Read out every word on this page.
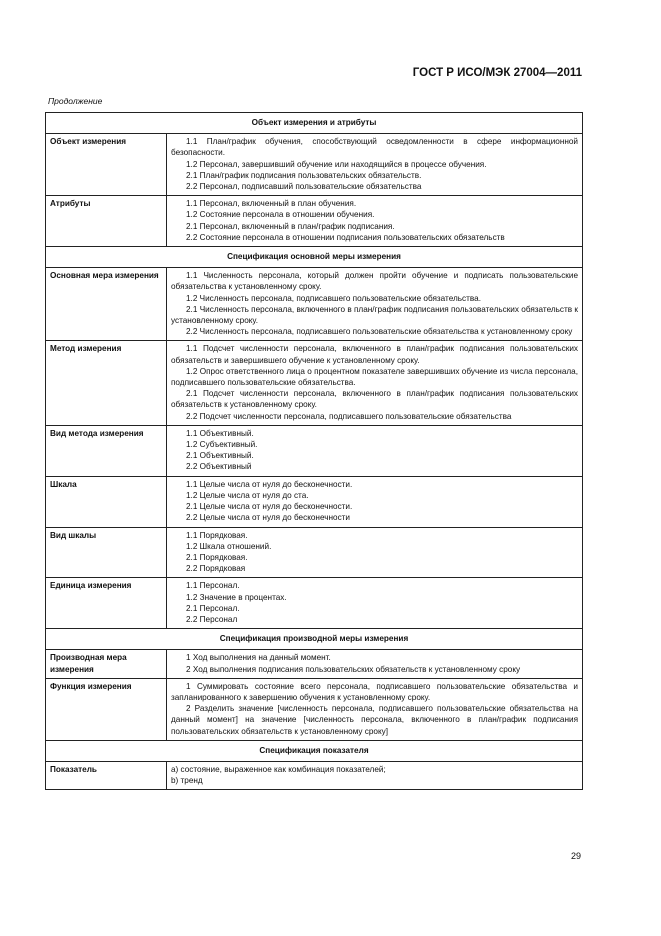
ГОСТ Р ИСО/МЭК 27004—2011
Продолжение
Объект измерения и атрибуты	
Объект измерения	1.1 План/график обучения, способствующий осведомленности в сфере информационной безопасности.
1.2 Персонал, завершивший обучение или находящийся в процессе обучения.
2.1 План/график подписания пользовательских обязательств.
2.2 Персонал, подписавший пользовательские обязательства

Атрибуты	1.1 Персонал, включенный в план обучения.
1.2 Состояние персонала в отношении обучения.
2.1 Персонал, включенный в план/график подписания.
2.2 Состояние персонала в отношении подписания пользовательских обязательств

Спецификация основной меры измерения	
Основная мера измерения	1.1 Численность персонала, который должен пройти обучение и подписать пользовательские обязательства к установленному сроку.
1.2 Численность персонала, подписавшего пользовательские обязательства.
2.1 Численность персонала, включенного в план/график подписания пользовательских обязательств к установленному сроку.
2.2 Численность персонала, подписавшего пользовательские обязательства к установленному сроку

Метод измерения	1.1 Подсчет численности персонала, включенного в план/график подписания пользовательских обязательств и завершившего обучение к установленному сроку.
1.2 Опрос ответственного лица о процентном показателе завершивших обучение из числа персонала, подписавшего пользовательские обязательства.
2.1 Подсчет численности персонала, включенного в план/график подписания пользовательских обязательств к установленному сроку.
2.2 Подсчет численности персонала, подписавшего пользовательские обязательства

Вид метода измерения	1.1 Объективный.
1.2 Субъективный.
2.1 Объективный.
2.2 Объективный

Шкала	1.1 Целые числа от нуля до бесконечности.
1.2 Целые числа от нуля до ста.
2.1 Целые числа от нуля до бесконечности.
2.2 Целые числа от нуля до бесконечности

Вид шкалы	1.1 Порядковая.
1.2 Шкала отношений.
2.1 Порядковая.
2.2 Порядковая

Единица измерения	1.1 Персонал.
1.2 Значение в процентах.
2.1 Персонал.
2.2 Персонал

Спецификация производной меры измерения	
Производная мера измерения	1 Ход выполнения на данный момент.
2 Ход выполнения подписания пользовательских обязательств к установленному сроку

Функция измерения	1 Суммировать состояние всего персонала, подписавшего пользовательские обязательства и запланированного к завершению обучения к установленному сроку.
2 Разделить значение [численность персонала, подписавшего пользовательские обязательства на данный момент] на значение [численность персонала, включенного в план/график подписания пользовательских обязательств к установленному сроку]

Спецификация показателя	
Показатель	a) состояние, выраженное как комбинация показателей;
b) тренд
29
